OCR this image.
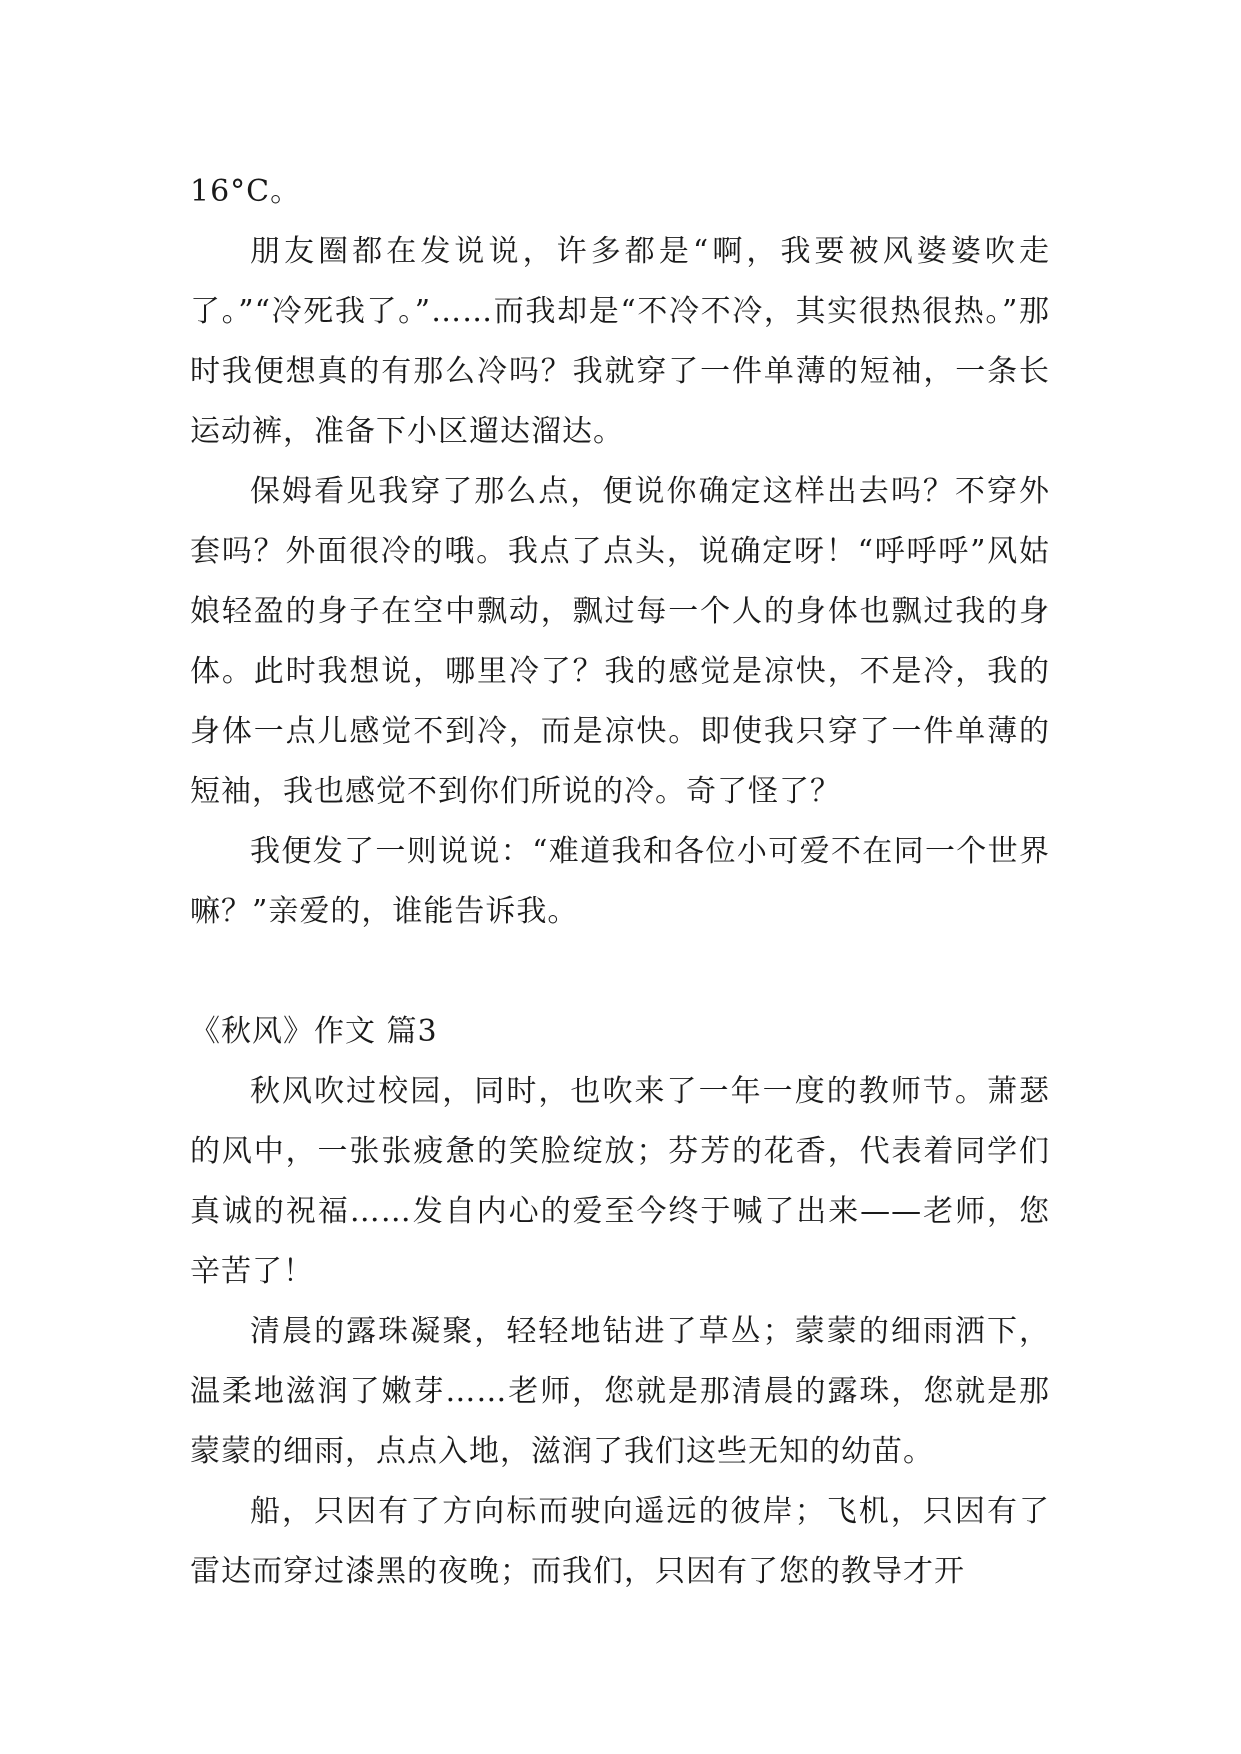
16°C。

朋友圈都在发说说，许多都是“啊，我要被风婆婆吹走了。”“冷死我了。”……而我却是“不冷不冷，其实很热很热。”那时我便想真的有那么冷吗？我就穿了一件单薄的短袖，一条长运动裤，准备下小区遛达溜达。

保姆看见我穿了那么点，便说你确定这样出去吗？不穿外套吗？外面很冷的哦。我点了点头，说确定呀！“呼呼呼”风姑娘轻盈的身子在空中飘动，飘过每一个人的身体也飘过我的身体。此时我想说，哪里冷了？我的感觉是凉快，不是冷，我的身体一点儿感觉不到冷，而是凉快。即使我只穿了一件单薄的短袖，我也感觉不到你们所说的冷。奇了怪了？

我便发了一则说说：“难道我和各位小可爱不在同一个世界嘛？”亲爱的，谁能告诉我。

《秋风》作文 篇3

秋风吹过校园，同时，也吹来了一年一度的教师节。萧瑟的风中，一张张疲惫的笑脸绽放；芬芳的花香，代表着同学们真诚的祝福……发自内心的爱至今终于喊了出来——老师，您辛苦了！

清晨的露珠凝聚，轻轻地钻进了草丛；蒙蒙的细雨洒下，温柔地滋润了嫩芽……老师，您就是那清晨的露珠，您就是那蒙蒙的细雨，点点入地，滋润了我们这些无知的幼苗。

船，只因有了方向标而驶向遥远的彼岸；飞机，只因有了雷达而穿过漆黑的夜晚；而我们，只因有了您的教导才开
